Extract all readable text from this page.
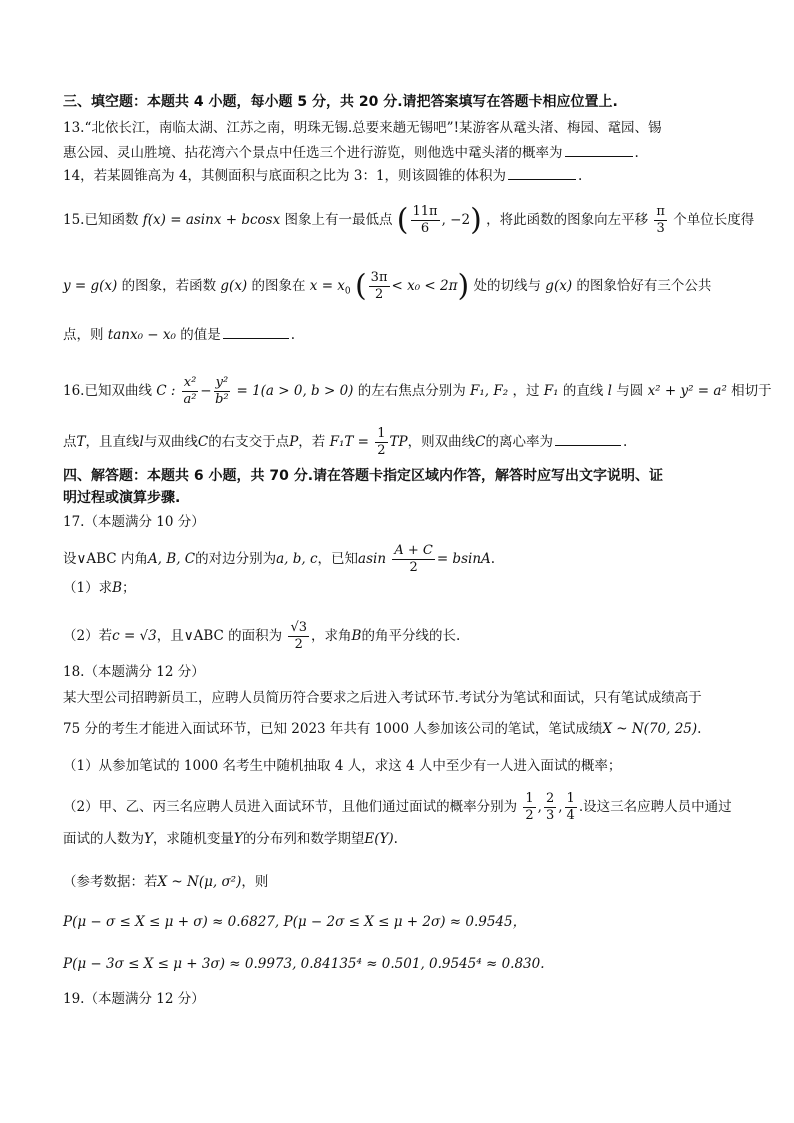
三、填空题：本题共 4 小题，每小题 5 分，共 20 分.请把答案填写在答题卡相应位置上.
13.“北依长江，南临太湖、江苏之南，明珠无锡.总要来趟无锡吧”!某游客从鼋头渚、梅园、鼋园、锡
惠公园、灵山胜境、拈花湾六个景点中任选三个进行游览，则他选中鼋头渚的概率为	.
14，若某圆锥高为 4，其侧面积与底面积之比为 3：1，则该圆锥的体积为	.
15.已知函数 f(x) = asinx + bcosx 图象上有一最低点 ( $\frac{11\pi}{6}$ , −2) ，将此函数的图象向左平移 $\frac{\pi}{3}$ 个单位长度得
y = g(x) 的图象，若函数 g(x) 的图象在 $x = x_0$ ( $\frac{3\pi}{2} < x_0 < 2\pi$) 处的切线与 g(x) 的图象恰好有三个公共
点，则 tanx₀ − x₀ 的值是	.
16.已知双曲线 C : $\frac{\text{x²}}{\text{a²}} - \frac{\text{y²}}{\text{b²}} = 1(a > 0$, b > 0) 的左右焦点分别为 F₁, F₂ ，过 F₁ 的直线 l 与圆 x² + y² = a² 相切于
点T，且直线l与双曲线C的右支交于点P，若 $F_1T = \frac{1}{2}$ TP，则双曲线C的离心率为	.
四、解答题：本题共 6 小题，共 70 分.请在答题卡指定区域内作答，解答时应写出文字说明、证
明过程或演算步骤.
17.（本题满分 10 分）
设∨ABC 内角A, B, C的对边分别为a, b, c，已知asin $\frac{A + C}{2} = bsinA$.
（1）求B；
（2）若c = √3，且∨ABC 的面积为 $\frac{√3}{2}$ ，求角B的角平分线的长.
18.（本题满分 12 分）
某大型公司招聘新员工，应聘人员简历符合要求之后进入考试环节.考试分为笔试和面试，只有笔试成绩高于
75 分的考生才能进入面试环节，已知 2023 年共有 1000 人参加该公司的笔试，笔试成绩X ~ N(70, 25).
（1）从参加笔试的 1000 名考生中随机抽取 4 人，求这 4 人中至少有一人进入面试的概率；
（2）甲、乙、丙三名应聘人员进入面试环节，且他们通过面试的概率分别为 $\frac{1}{2}$ , $\frac{2}{3}$ , $\frac{1}{4}$ .设这三名应聘人员中通过
面试的人数为Y，求随机变量Y的分布列和数学期望E(Y).
（参考数据：若X ~ N(μ, σ²)，则
P(μ − σ ≤ X ≤ μ + σ) ≈ 0.6827, P(μ − 2σ ≤ X ≤ μ + 2σ) ≈ 0.9545，
P(μ − 3σ ≤ X ≤ μ + 3σ) ≈ 0.9973, 0.84135⁴ ≈ 0.501, 0.9545⁴ ≈ 0.830.
19.（本题满分 12 分）
